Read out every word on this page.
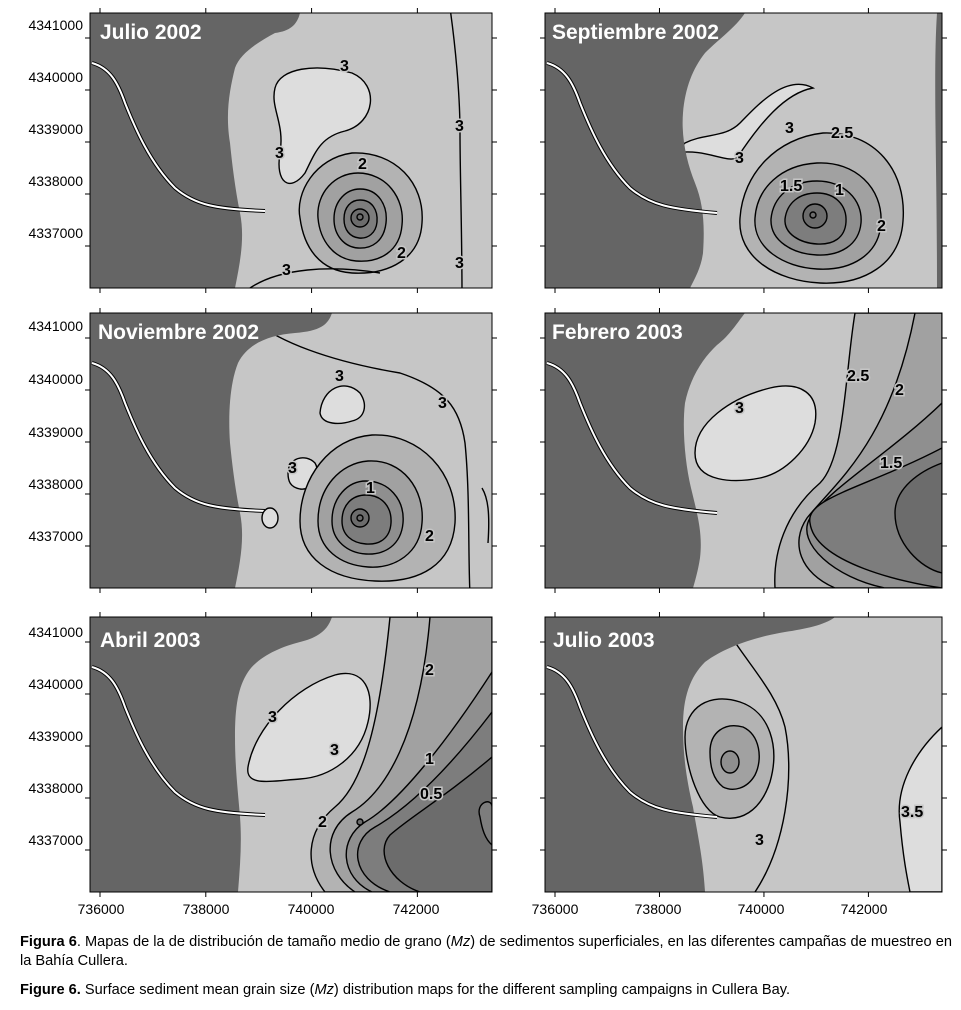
Julio 2002
3
3
3
2
2
3	3
Septiembre 2002
3
3
2.5
1.5 1
2
Noviembre 2002
3
3
3
1
2
Febrero 2003
3
2.5
2
1.5
Abril 2003
3
3
2
2
1
0.5
Julio 2003
3
3.5
4341000
4340000
4339000
4338000
4337000
4341000
4340000
4339000
4338000
4337000
4341000
4340000
4339000
4338000
4337000
736000	738000	740000	742000	736000	738000	740000	742000
Figura 6. Mapas de la de distribución de tamaño medio de grano (Mz) de sedimentos superficiales, en las diferentes campañas de muestreo en la Bahía Cullera.
Figure 6. Surface sediment mean grain size (Mz) distribution maps for the different sampling campaigns in Cullera Bay.
